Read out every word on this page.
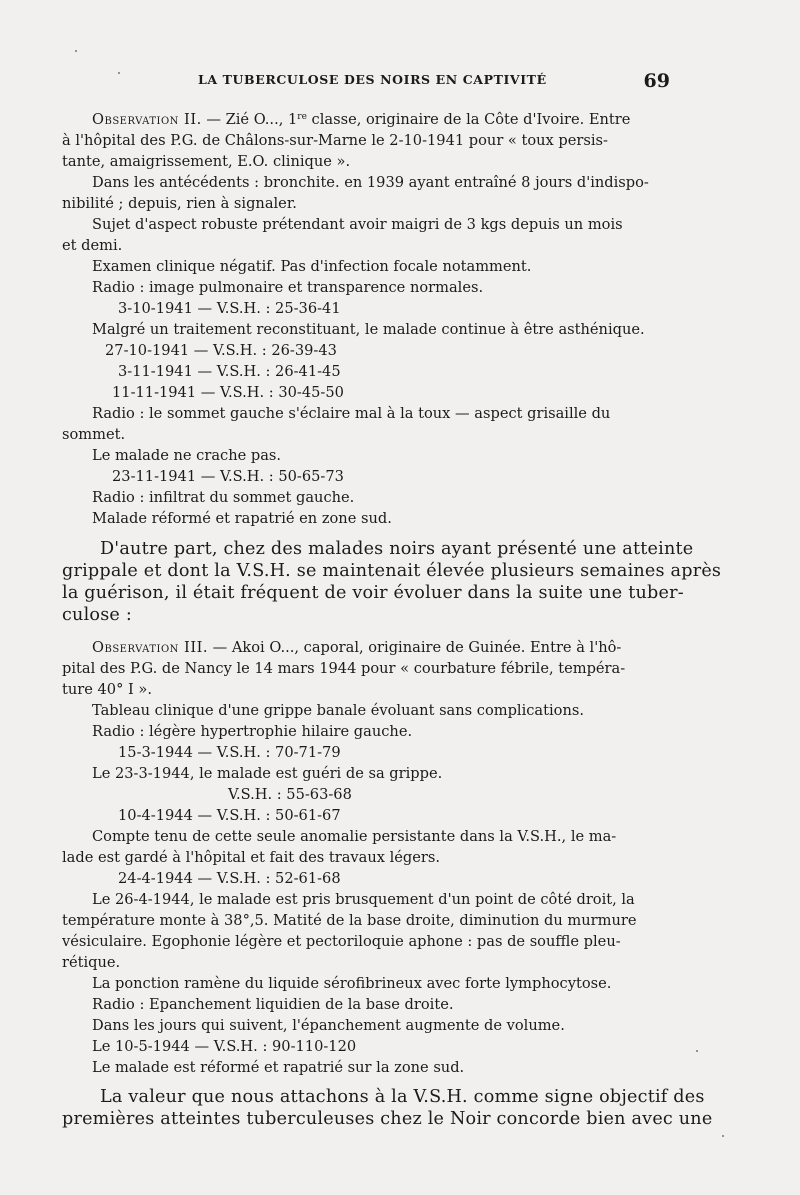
LA TUBERCULOSE DES NOIRS EN CAPTIVITÉ	69
Observation II. — Zié O..., 1re classe, originaire de la Côte d'Ivoire. Entre
à l'hôpital des P.G. de Châlons-sur-Marne le 2-10-1941 pour « toux persis-
tante, amaigrissement, E.O. clinique ».
Dans les antécédents : bronchite. en 1939 ayant entraîné 8 jours d'indispo-
nibilité ; depuis, rien à signaler.
Sujet d'aspect robuste prétendant avoir maigri de 3 kgs depuis un mois
et demi.
Examen clinique négatif. Pas d'infection focale notamment.
Radio : image pulmonaire et transparence normales.
3-10-1941 — V.S.H. : 25-36-41
Malgré un traitement reconstituant, le malade continue à être asthénique.
27-10-1941 — V.S.H. : 26-39-43
3-11-1941 — V.S.H. : 26-41-45
11-11-1941 — V.S.H. : 30-45-50
Radio : le sommet gauche s'éclaire mal à la toux — aspect grisaille du
sommet.
Le malade ne crache pas.
23-11-1941 — V.S.H. : 50-65-73
Radio : infiltrat du sommet gauche.
Malade réformé et rapatrié en zone sud.
D'autre part, chez des malades noirs ayant présenté une atteinte
grippale et dont la V.S.H. se maintenait élevée plusieurs semaines après
la guérison, il était fréquent de voir évoluer dans la suite une tuber-
culose :
Observation III. — Akoi O..., caporal, originaire de Guinée. Entre à l'hô-
pital des P.G. de Nancy le 14 mars 1944 pour « courbature fébrile, tempéra-
ture 40° I ».
Tableau clinique d'une grippe banale évoluant sans complications.
Radio : légère hypertrophie hilaire gauche.
15-3-1944 — V.S.H. : 70-71-79
Le 23-3-1944, le malade est guéri de sa grippe.
V.S.H. : 55-63-68
10-4-1944 — V.S.H. : 50-61-67
Compte tenu de cette seule anomalie persistante dans la V.S.H., le ma-
lade est gardé à l'hôpital et fait des travaux légers.
24-4-1944 — V.S.H. : 52-61-68
Le 26-4-1944, le malade est pris brusquement d'un point de côté droit, la
température monte à 38°,5. Matité de la base droite, diminution du murmure
vésiculaire. Egophonie légère et pectoriloquie aphone : pas de souffle pleu-
rétique.
La ponction ramène du liquide sérofibrineux avec forte lymphocytose.
Radio : Epanchement liquidien de la base droite.
Dans les jours qui suivent, l'épanchement augmente de volume.
Le 10-5-1944 — V.S.H. : 90-110-120
Le malade est réformé et rapatrié sur la zone sud.
La valeur que nous attachons à la V.S.H. comme signe objectif des
premières atteintes tuberculeuses chez le Noir concorde bien avec une
